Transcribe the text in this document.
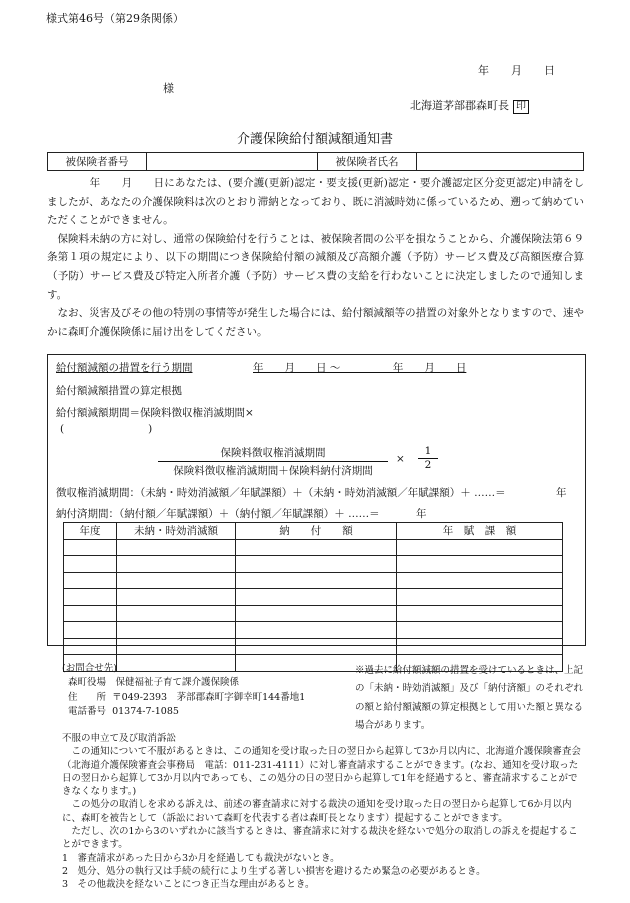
様式第46号（第29条関係）
年　　月　　日
様
北海道茅部郡森町長 印
介護保険給付額減額通知書
被保険者番号		被保険者氏名	

　　　　年　　月　　日にあなたは、(要介護(更新)認定・要支援(更新)認定・要介護認定区分変更認定)申請をしましたが、あなたの介護保険料は次のとおり滞納となっており、既に消滅時効に係っているため、遡って納めていただくことができません。

　保険料未納の方に対し、通常の保険給付を行うことは、被保険者間の公平を損なうことから、介護保険法第６９条第１項の規定により、以下の期間につき保険給付額の減額及び高額介護（予防）サービス費及び高額医療合算（予防）サービス費及び特定入所者介護（予防）サービス費の支給を行わないことに決定しましたので通知します。

　なお、災害及びその他の特別の事情等が発生した場合には、給付額減額等の措置の対象外となりますので、速やかに森町介護保険係に届け出をしてください。

給付額減額の措置を行う期間	年　　月　　日 ～　　　　　年　　月　　日
給付額減額措置の算定根拠
給付額減額期間＝保険料徴収権消滅期間×
(　　　　　　　　)
保険料徴収権消滅期間
保険料徴収権消滅期間＋保険料納付済期間
× $\frac{1}{2}$
徴収権消滅期間：（未納・時効消滅額／年賦課額）＋（未納・時効消滅額／年賦課額）＋ ……＝	年
納付済期間：（納付額／年賦課額）＋（納付額／年賦課額）＋ ……＝	年
年度	未納・時効消滅額	納　　付　　額	年　賦　課　額

(お問合せ先)
森町役場　保健福祉子育て課介護保険係
住　　所 〒049-2393　茅部郡森町字御幸町144番地1
電話番号 01374-7-1085
※過去に給付額減額の措置を受けているときは、上記の「未納・時効消滅額」及び「納付済額」のそれぞれの額と給付額減額の算定根拠として用いた額と異なる場合があります。
不服の申立て及び取消訴訟
　この通知について不服があるときは、この通知を受け取った日の翌日から起算して3か月以内に、北海道介護保険審査会（北海道介護保険審査会事務局　電話：011-231-4111）に対し審査請求することができます。(なお、通知を受け取った日の翌日から起算して3か月以内であっても、この処分の日の翌日から起算して1年を経過すると、審査請求することができなくなります。)
　この処分の取消しを求める訴えは、前述の審査請求に対する裁決の通知を受け取った日の翌日から起算して6か月以内に、森町を被告として（訴訟において森町を代表する者は森町長となります）提起することができます。
　ただし、次の1から3のいずれかに該当するときは、審査請求に対する裁決を経ないで処分の取消しの訴えを提起することができます。
1　審査請求があった日から3か月を経過しても裁決がないとき。
2　処分、処分の執行又は手続の続行により生ずる著しい損害を避けるため緊急の必要があるとき。
3　その他裁決を経ないことにつき正当な理由があるとき。
